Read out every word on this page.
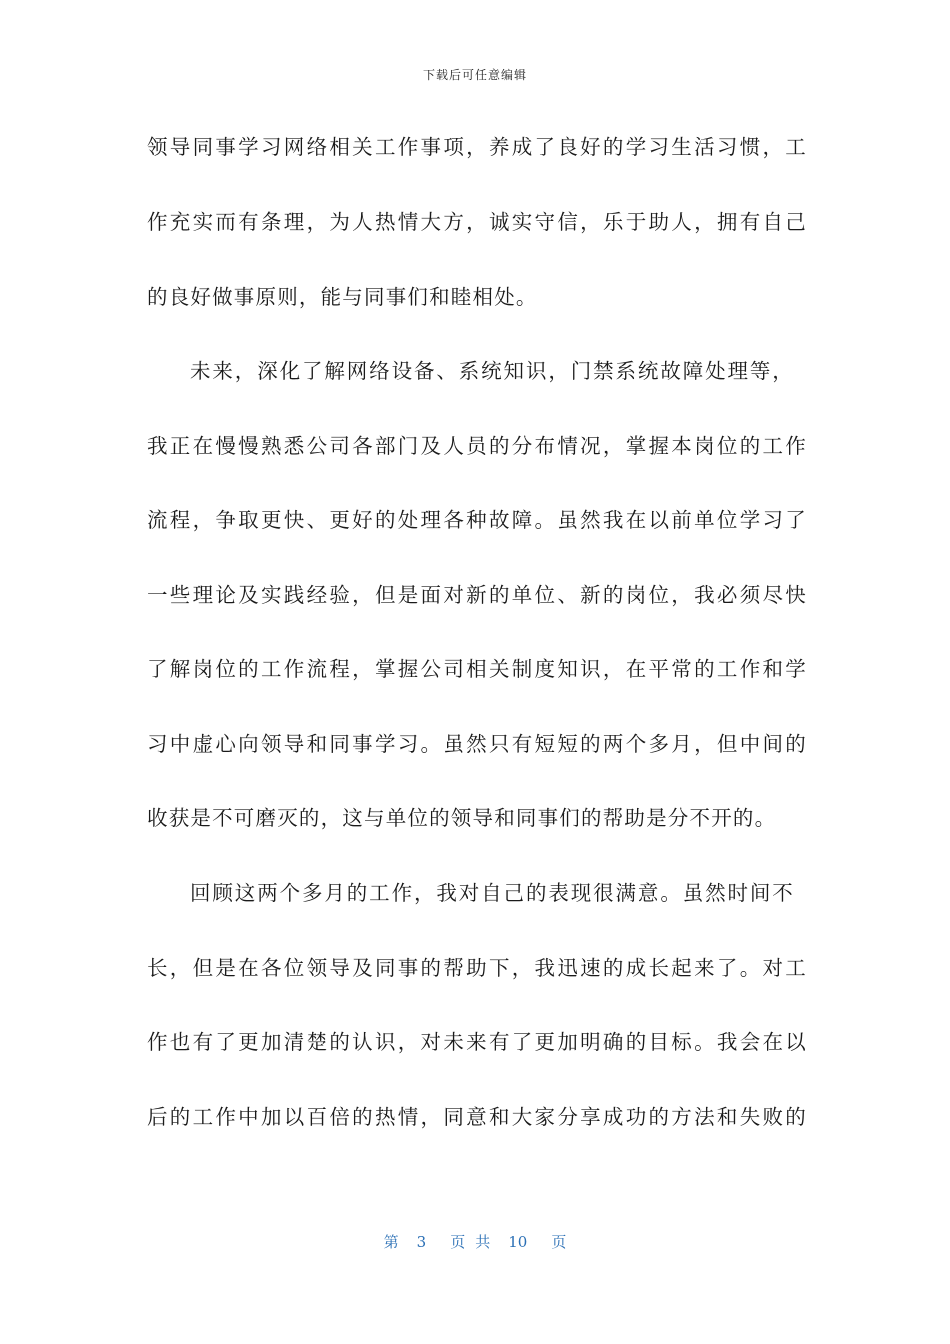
下载后可任意编辑
领导同事学习网络相关工作事项，养成了良好的学习生活习惯，工
作充实而有条理，为人热情大方，诚实守信，乐于助人，拥有自己
的良好做事原则，能与同事们和睦相处。
未来，深化了解网络设备、系统知识，门禁系统故障处理等，
我正在慢慢熟悉公司各部门及人员的分布情况，掌握本岗位的工作
流程，争取更快、更好的处理各种故障。虽然我在以前单位学习了
一些理论及实践经验，但是面对新的单位、新的岗位，我必须尽快
了解岗位的工作流程，掌握公司相关制度知识，在平常的工作和学
习中虚心向领导和同事学习。虽然只有短短的两个多月，但中间的
收获是不可磨灭的，这与单位的领导和同事们的帮助是分不开的。
回顾这两个多月的工作，我对自己的表现很满意。虽然时间不
长，但是在各位领导及同事的帮助下，我迅速的成长起来了。对工
作也有了更加清楚的认识，对未来有了更加明确的目标。我会在以
后的工作中加以百倍的热情，同意和大家分享成功的方法和失败的
第 3 页共 10 页
